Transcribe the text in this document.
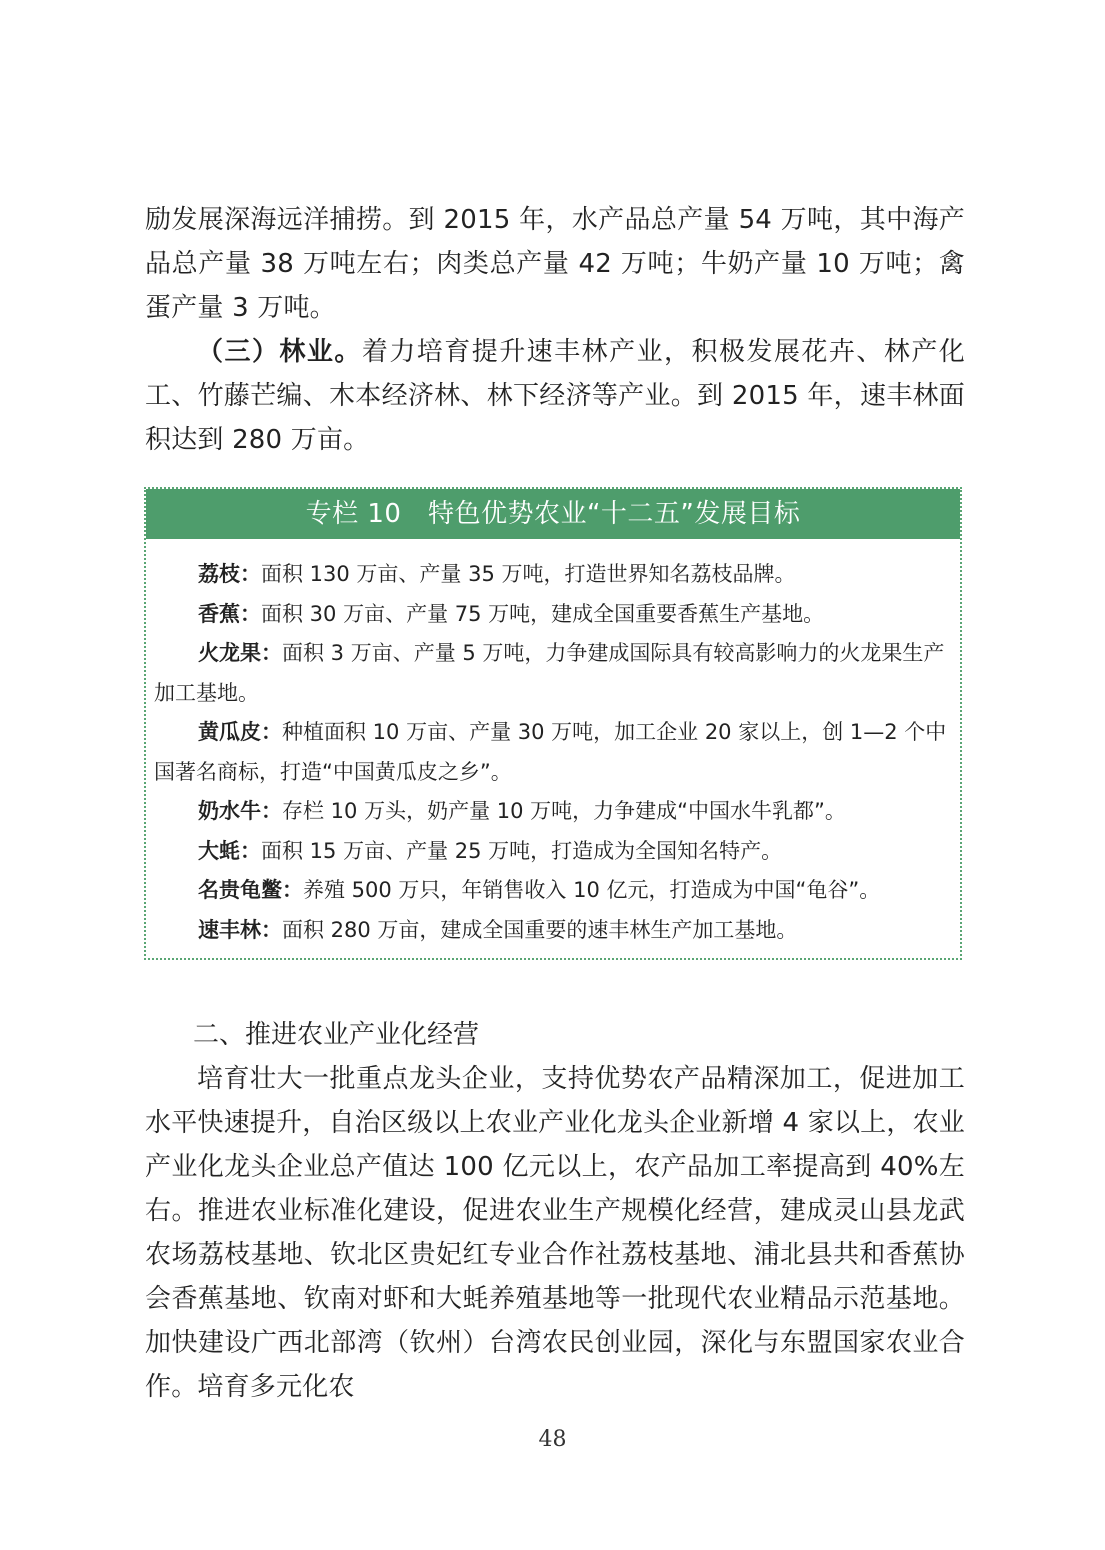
励发展深海远洋捕捞。到 2015 年，水产品总产量 54 万吨，其中海产品总产量 38 万吨左右；肉类总产量 42 万吨；牛奶产量 10 万吨；禽蛋产量 3 万吨。

（三）林业。着力培育提升速丰林产业，积极发展花卉、林产化工、竹藤芒编、木本经济林、林下经济等产业。到 2015 年，速丰林面积达到 280 万亩。

专栏 10　特色优势农业“十二五”发展目标

荔枝：面积 130 万亩、产量 35 万吨，打造世界知名荔枝品牌。

香蕉：面积 30 万亩、产量 75 万吨，建成全国重要香蕉生产基地。

火龙果：面积 3 万亩、产量 5 万吨，力争建成国际具有较高影响力的火龙果生产加工基地。

黄瓜皮：种植面积 10 万亩、产量 30 万吨，加工企业 20 家以上，创 1—2 个中国著名商标，打造“中国黄瓜皮之乡”。

奶水牛：存栏 10 万头，奶产量 10 万吨，力争建成“中国水牛乳都”。

大蚝：面积 15 万亩、产量 25 万吨，打造成为全国知名特产。

名贵龟鳖：养殖 500 万只，年销售收入 10 亿元，打造成为中国“龟谷”。

速丰林：面积 280 万亩，建成全国重要的速丰林生产加工基地。

二、推进农业产业化经营

培育壮大一批重点龙头企业，支持优势农产品精深加工，促进加工水平快速提升，自治区级以上农业产业化龙头企业新增 4 家以上，农业产业化龙头企业总产值达 100 亿元以上，农产品加工率提高到 40%左右。推进农业标准化建设，促进农业生产规模化经营，建成灵山县龙武农场荔枝基地、钦北区贵妃红专业合作社荔枝基地、浦北县共和香蕉协会香蕉基地、钦南对虾和大蚝养殖基地等一批现代农业精品示范基地。加快建设广西北部湾（钦州）台湾农民创业园，深化与东盟国家农业合作。培育多元化农

48
